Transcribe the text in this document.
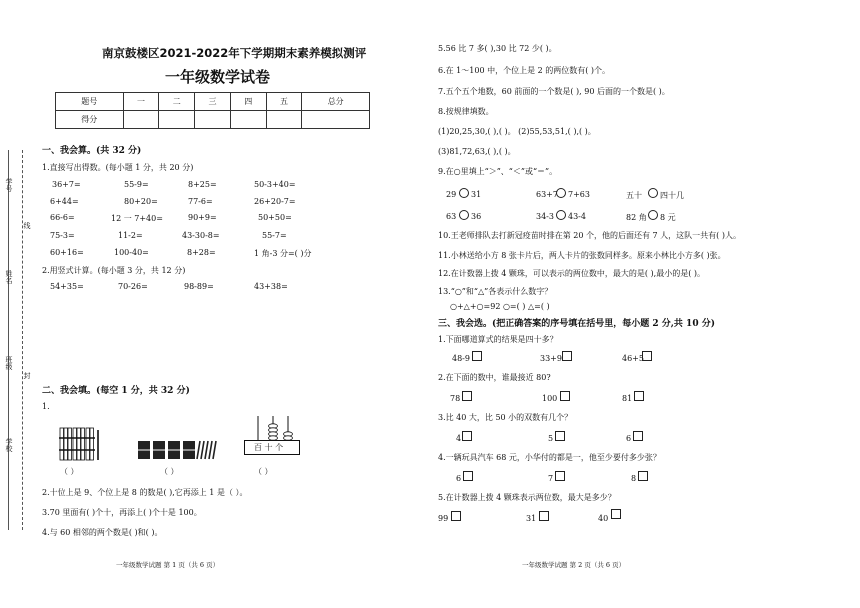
学号
线
姓名
班级
封
学校
南京鼓楼区2021-2022年下学期期末素养模拟测评
一年级数学试卷
题号	一	二	三	四	五	总分
得分						
一、我会算。(共 32 分)
1.直接写出得数。(每小题 1 分，共 20 分)
36+7=	55-9=	8+25=	50-3+40=
6+44=	80+20=	77-6=	26+20-7=
66-6=	12 一 7+40=	90+9=	50+50=
75-3=	11-2=	43-30-8=	55-7=
60+16=	100-40=	8+28=	1 角-3 分=( )分
2.用竖式计算。(每小题 3 分，共 12 分)
54+35=	70-26=	98-89=	43+38=
二、我会填。(每空 1 分，共 32 分)
1.
（ ）	（ ）
百 十 个
（ ）
2.十位上是 9、个位上是 8 的数是( ),它再添上 1 是（ ）。
3.70 里面有( )个十，再添上( )个十是 100。
4.与 60 相邻的两个数是( )和( )。
一年级数学试题 第 1 页（共 6 页）
5.56 比 7 多( ),30 比 72 少( )。
6.在 1～100 中，个位上是 2 的两位数有( )个。
7.五个五个地数，60 前面的一个数是( ), 90 后面的一个数是( )。
8.按规律填数。
(1)20,25,30,( ),( )。 (2)55,53,51,( ),( )。
(3)81,72,63,( ),( )。
9.在○里填上“＞”、“＜”或“＝”。
29 31	63+7 7+63	五十 四十几
63 36	34-3 43-4	82 角 8 元
10.王老师排队去打新冠疫苗时排在第 20 个，他的后面还有 7 人，这队一共有( )人。
11.小林送给小方 8 张卡片后，两人卡片的张数同样多。原来小林比小方多( )张。
12.在计数器上拨 4 颗珠，可以表示的两位数中，最大的是( ),最小的是( )。
13.“○”和“△”各表示什么数字？
○+△+○=92 ○=( ) △=( )
三、我会选。(把正确答案的序号填在括号里，每小题 2 分,共 10 分)
1.下面哪道算式的结果是四十多？
48-9	33+9	46+5
2.在下面的数中，谁最接近 80?
78	100	81
3.比 40 大，比 50 小的双数有几个？
4	5	6
4.一辆玩具汽车 68 元，小华付的都是一，他至少要付多少张？
6	7	8
5.在计数器上拨 4 颗珠表示两位数，最大是多少？
99	31	40
一年级数学试题 第 2 页（共 6 页）
